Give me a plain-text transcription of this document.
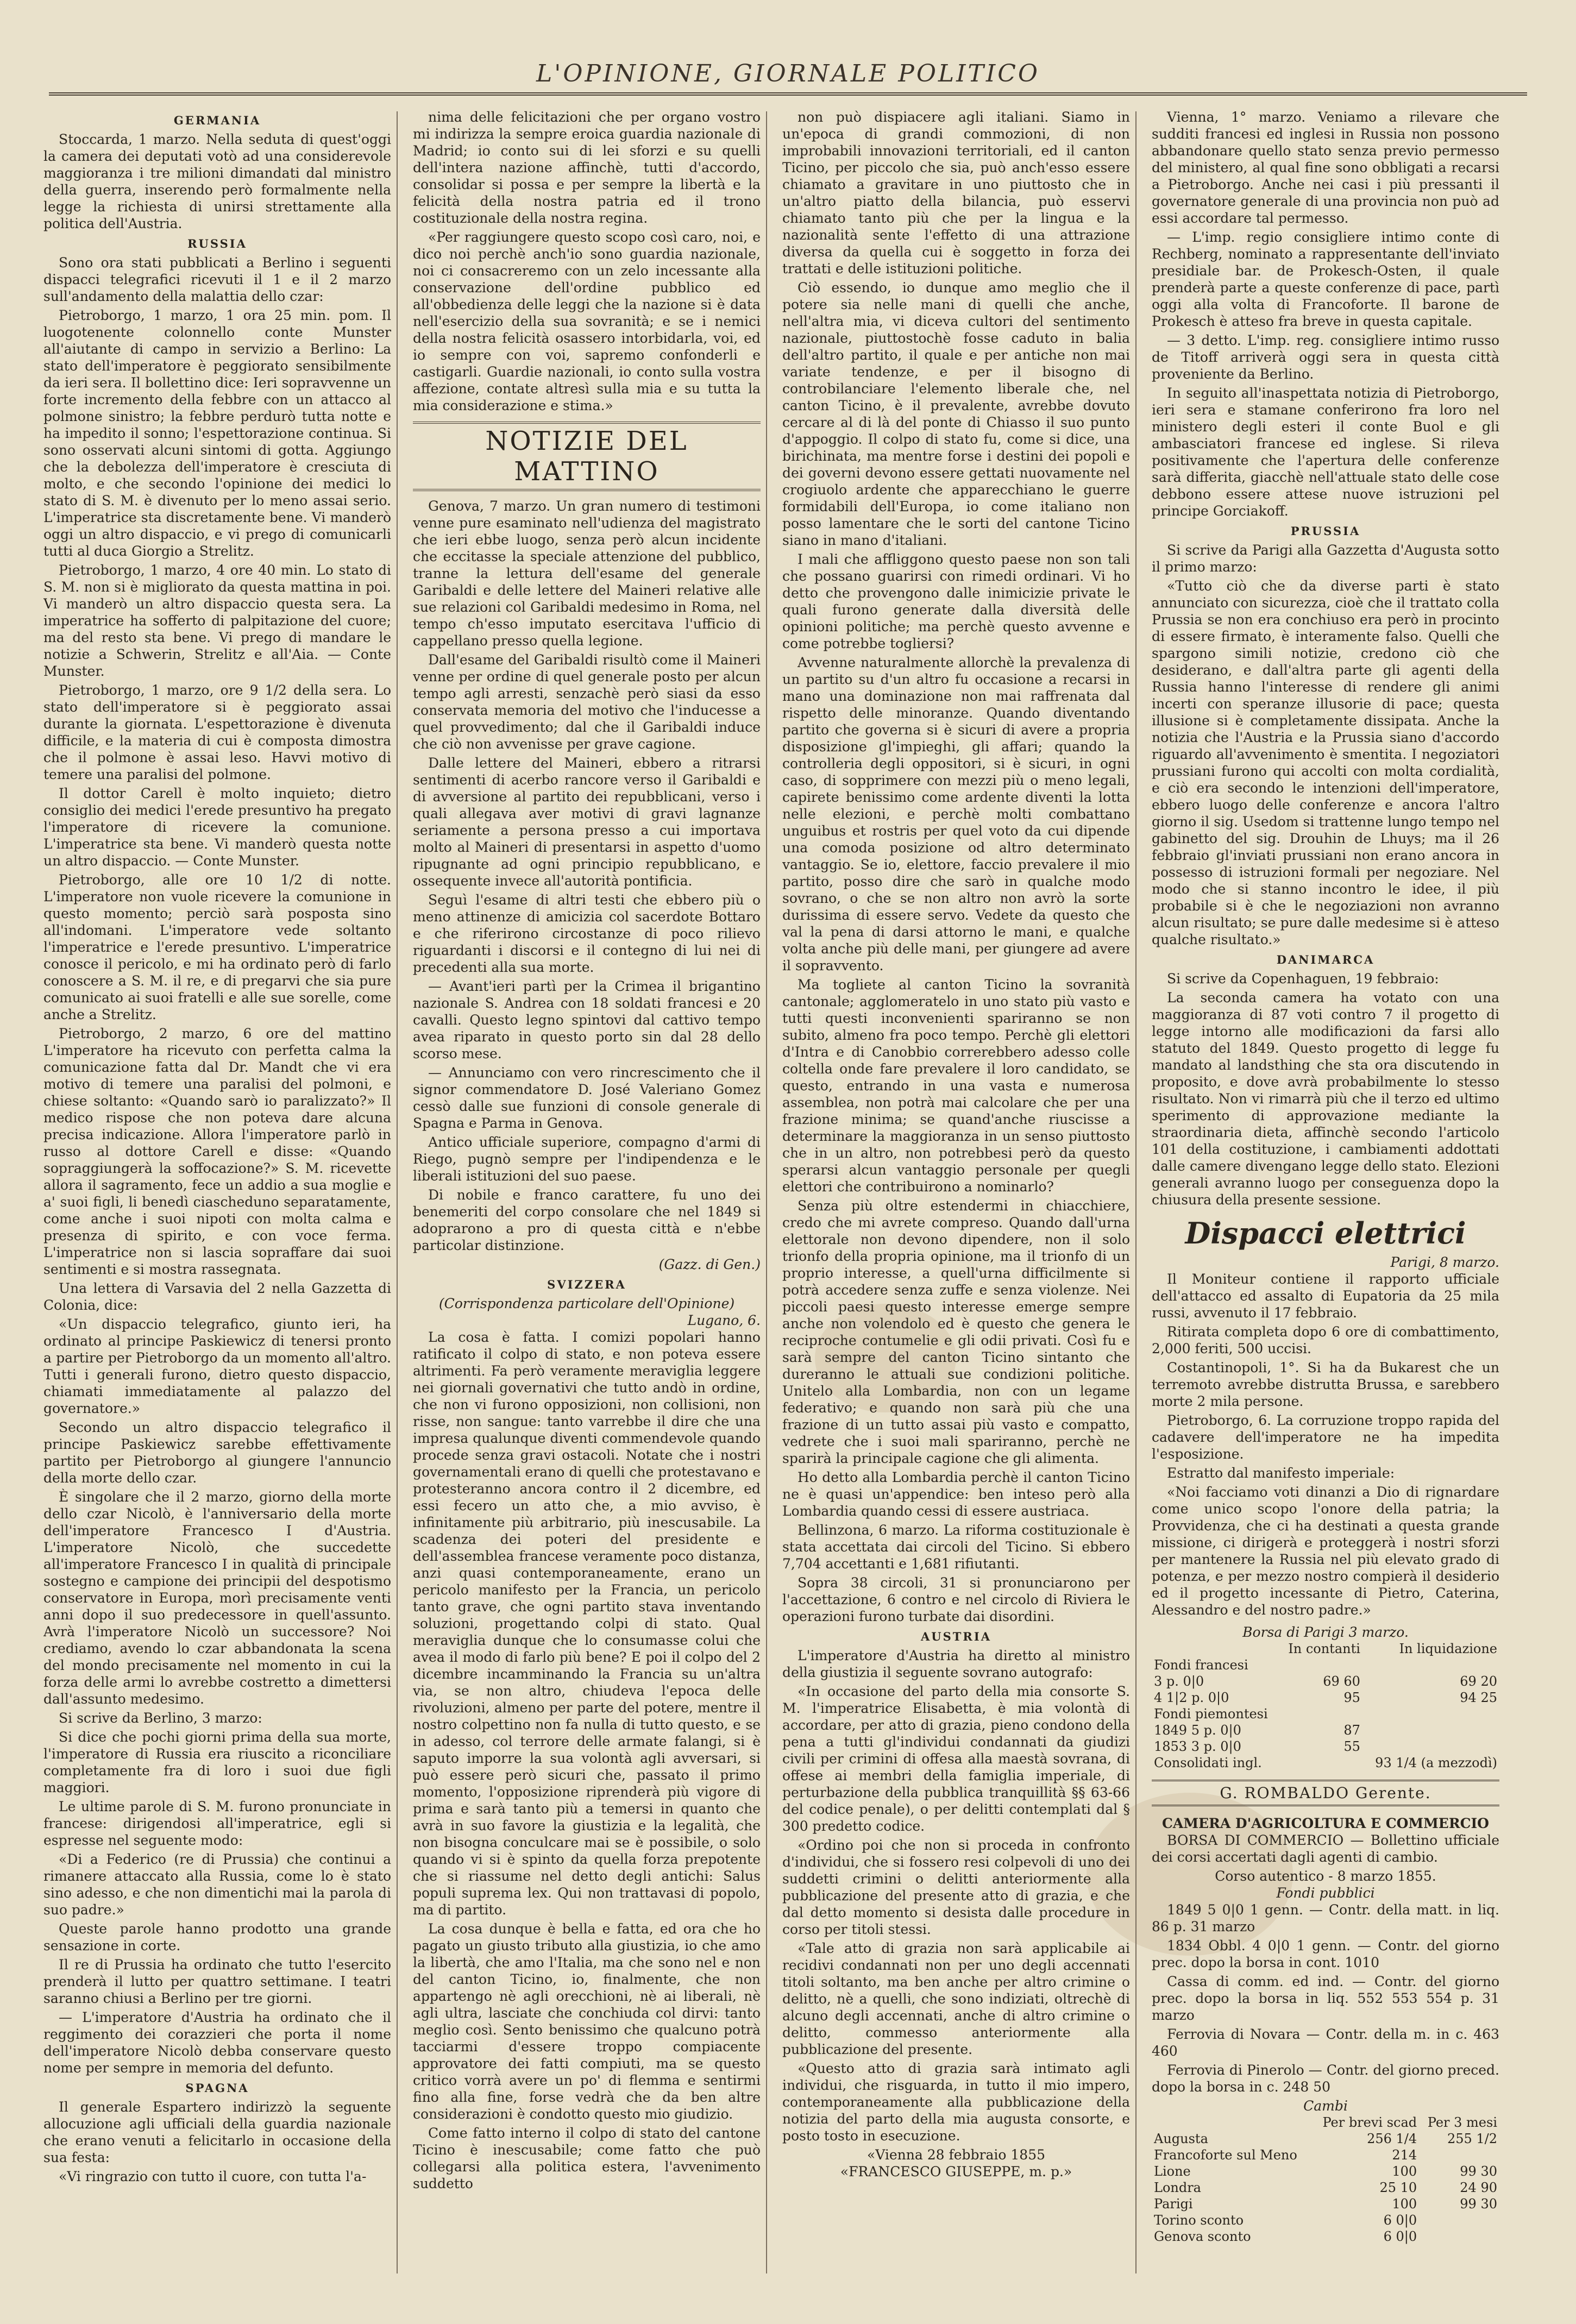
L'OPINIONE, GIORNALE POLITICO
GERMANIA

Stoccarda, 1 marzo. Nella seduta di quest'oggi la camera dei deputati votò ad una considerevole maggioranza i tre milioni dimandati dal ministro della guerra, inserendo però formalmente nella legge la richiesta di unirsi strettamente alla politica dell'Austria.

RUSSIA

Sono ora stati pubblicati a Berlino i seguenti dispacci telegrafici ricevuti il 1 e il 2 marzo sull'andamento della malattia dello czar:

Pietroborgo, 1 marzo, 1 ora 25 min. pom. Il luogotenente colonnello conte Munster all'aiutante di campo in servizio a Berlino: La stato dell'imperatore è peggiorato sensibilmente da ieri sera. Il bollettino dice: Ieri sopravvenne un forte incremento della febbre con un attacco al polmone sinistro; la febbre perdurò tutta notte e ha impedito il sonno; l'espettorazione continua. Si sono osservati alcuni sintomi di gotta. Aggiungo che la debolezza dell'imperatore è cresciuta di molto, e che secondo l'opinione dei medici lo stato di S. M. è divenuto per lo meno assai serio. L'imperatrice sta discretamente bene. Vi manderò oggi un altro dispaccio, e vi prego di comunicarli tutti al duca Giorgio a Strelitz.

Pietroborgo, 1 marzo, 4 ore 40 min. Lo stato di S. M. non si è migliorato da questa mattina in poi. Vi manderò un altro dispaccio questa sera. La imperatrice ha sofferto di palpitazione del cuore; ma del resto sta bene. Vi prego di mandare le notizie a Schwerin, Strelitz e all'Aia. — Conte Munster.

Pietroborgo, 1 marzo, ore 9 1/2 della sera. Lo stato dell'imperatore si è peggiorato assai durante la giornata. L'espettorazione è divenuta difficile, e la materia di cui è composta dimostra che il polmone è assai leso. Havvi motivo di temere una paralisi del polmone.

Il dottor Carell è molto inquieto; dietro consiglio dei medici l'erede presuntivo ha pregato l'imperatore di ricevere la comunione. L'imperatrice sta bene. Vi manderò questa notte un altro dispaccio. — Conte Munster.

Pietroborgo, alle ore 10 1/2 di notte. L'imperatore non vuole ricevere la comunione in questo momento; perciò sarà posposta sino all'indomani. L'imperatore vede soltanto l'imperatrice e l'erede presuntivo. L'imperatrice conosce il pericolo, e mi ha ordinato però di farlo conoscere a S. M. il re, e di pregarvi che sia pure comunicato ai suoi fratelli e alle sue sorelle, come anche a Strelitz.

Pietroborgo, 2 marzo, 6 ore del mattino L'imperatore ha ricevuto con perfetta calma la comunicazione fatta dal Dr. Mandt che vi era motivo di temere una paralisi del polmoni, e chiese soltanto: «Quando sarò io paralizzato?» Il medico rispose che non poteva dare alcuna precisa indicazione. Allora l'imperatore parlò in russo al dottore Carell e disse: «Quando sopraggiungerà la soffocazione?» S. M. ricevette allora il sagramento, fece un addio a sua moglie e a' suoi figli, li benedì ciascheduno separatamente, come anche i suoi nipoti con molta calma e presenza di spirito, e con voce ferma. L'imperatrice non si lascia sopraffare dai suoi sentimenti e si mostra rassegnata.

Una lettera di Varsavia del 2 nella Gazzetta di Colonia, dice:

«Un dispaccio telegrafico, giunto ieri, ha ordinato al principe Paskiewicz di tenersi pronto a partire per Pietroborgo da un momento all'altro. Tutti i generali furono, dietro questo dispaccio, chiamati immediatamente al palazzo del governatore.»

Secondo un altro dispaccio telegrafico il principe Paskiewicz sarebbe effettivamente partito per Pietroborgo al giungere l'annuncio della morte dello czar.

È singolare che il 2 marzo, giorno della morte dello czar Nicolò, è l'anniversario della morte dell'imperatore Francesco I d'Austria. L'imperatore Nicolò, che succedette all'imperatore Francesco I in qualità di principale sostegno e campione dei principii del despotismo conservatore in Europa, morì precisamente venti anni dopo il suo predecessore in quell'assunto. Avrà l'imperatore Nicolò un successore? Noi crediamo, avendo lo czar abbandonata la scena del mondo precisamente nel momento in cui la forza delle armi lo avrebbe costretto a dimettersi dall'assunto medesimo.

Si scrive da Berlino, 3 marzo:

Si dice che pochi giorni prima della sua morte, l'imperatore di Russia era riuscito a riconciliare completamente fra di loro i suoi due figli maggiori.

Le ultime parole di S. M. furono pronunciate in francese: dirigendosi all'imperatrice, egli si espresse nel seguente modo:

«Di a Federico (re di Prussia) che continui a rimanere attaccato alla Russia, come lo è stato sino adesso, e che non dimentichi mai la parola di suo padre.»

Queste parole hanno prodotto una grande sensazione in corte.

Il re di Prussia ha ordinato che tutto l'esercito prenderà il lutto per quattro settimane. I teatri saranno chiusi a Berlino per tre giorni.

— L'imperatore d'Austria ha ordinato che il reggimento dei corazzieri che porta il nome dell'imperatore Nicolò debba conservare questo nome per sempre in memoria del defunto.

SPAGNA

Il generale Espartero indirizzò la seguente allocuzione agli ufficiali della guardia nazionale che erano venuti a felicitarlo in occasione della sua festa:

«Vi ringrazio con tutto il cuore, con tutta l'a-

nima delle felicitazioni che per organo vostro mi indirizza la sempre eroica guardia nazionale di Madrid; io conto sui di lei sforzi e su quelli dell'intera nazione affinchè, tutti d'accordo, consolidar si possa e per sempre la libertà e la felicità della nostra patria ed il trono costituzionale della nostra regina.

«Per raggiungere questo scopo così caro, noi, e dico noi perchè anch'io sono guardia nazionale, noi ci consacreremo con un zelo incessante alla conservazione dell'ordine pubblico ed all'obbedienza delle leggi che la nazione si è data nell'esercizio della sua sovranità; e se i nemici della nostra felicità osassero intorbidarla, voi, ed io sempre con voi, sapremo confonderli e castigarli. Guardie nazionali, io conto sulla vostra affezione, contate altresì sulla mia e su tutta la mia considerazione e stima.»

NOTIZIE DEL MATTINO

Genova, 7 marzo. Un gran numero di testimoni venne pure esaminato nell'udienza del magistrato che ieri ebbe luogo, senza però alcun incidente che eccitasse la speciale attenzione del pubblico, tranne la lettura dell'esame del generale Garibaldi e delle lettere del Maineri relative alle sue relazioni col Garibaldi medesimo in Roma, nel tempo ch'esso imputato esercitava l'ufficio di cappellano presso quella legione.

Dall'esame del Garibaldi risultò come il Maineri venne per ordine di quel generale posto per alcun tempo agli arresti, senzachè però siasi da esso conservata memoria del motivo che l'inducesse a quel provvedimento; dal che il Garibaldi induce che ciò non avvenisse per grave cagione.

Dalle lettere del Maineri, ebbero a ritrarsi sentimenti di acerbo rancore verso il Garibaldi e di avversione al partito dei repubblicani, verso i quali allegava aver motivi di gravi lagnanze seriamente a persona presso a cui importava molto al Maineri di presentarsi in aspetto d'uomo ripugnante ad ogni principio repubblicano, e ossequente invece all'autorità pontificia.

Seguì l'esame di altri testi che ebbero più o meno attinenze di amicizia col sacerdote Bottaro e che riferirono circostanze di poco rilievo riguardanti i discorsi e il contegno di lui nei di precedenti alla sua morte.

— Avant'ieri partì per la Crimea il brigantino nazionale S. Andrea con 18 soldati francesi e 20 cavalli. Questo legno spintovi dal cattivo tempo avea riparato in questo porto sin dal 28 dello scorso mese.

— Annunciamo con vero rincrescimento che il signor commendatore D. José Valeriano Gomez cessò dalle sue funzioni di console generale di Spagna e Parma in Genova.

Antico ufficiale superiore, compagno d'armi di Riego, pugnò sempre per l'indipendenza e le liberali istituzioni del suo paese.

Di nobile e franco carattere, fu uno dei benemeriti del corpo consolare che nel 1849 si adoprarono a pro di questa città e n'ebbe particolar distinzione.

(Gazz. di Gen.)
SVIZZERA
(Corrispondenza particolare dell'Opinione)
Lugano, 6.

La cosa è fatta. I comizi popolari hanno ratificato il colpo di stato, e non poteva essere altrimenti. Fa però veramente meraviglia leggere nei giornali governativi che tutto andò in ordine, che non vi furono opposizioni, non collisioni, non risse, non sangue: tanto varrebbe il dire che una impresa qualunque diventi commendevole quando procede senza gravi ostacoli. Notate che i nostri governamentali erano di quelli che protestavano e protesteranno ancora contro il 2 dicembre, ed essi fecero un atto che, a mio avviso, è infinitamente più arbitrario, più inescusabile. La scadenza dei poteri del presidente e dell'assemblea francese veramente poco distanza, anzi quasi contemporaneamente, erano un pericolo manifesto per la Francia, un pericolo tanto grave, che ogni partito stava inventando soluzioni, progettando colpi di stato. Qual meraviglia dunque che lo consumasse colui che avea il modo di farlo più bene? E poi il colpo del 2 dicembre incamminando la Francia su un'altra via, se non altro, chiudeva l'epoca delle rivoluzioni, almeno per parte del potere, mentre il nostro colpettino non fa nulla di tutto questo, e se in adesso, col terrore delle armate falangi, si è saputo imporre la sua volontà agli avversari, si può essere però sicuri che, passato il primo momento, l'opposizione riprenderà più vigore di prima e sarà tanto più a temersi in quanto che avrà in suo favore la giustizia e la legalità, che non bisogna conculcare mai se è possibile, o solo quando vi si è spinto da quella forza prepotente che si riassume nel detto degli antichi: Salus populi suprema lex. Qui non trattavasi di popolo, ma di partito.

La cosa dunque è bella e fatta, ed ora che ho pagato un giusto tributo alla giustizia, io che amo la libertà, che amo l'Italia, ma che sono nel e non del canton Ticino, io, finalmente, che non appartengo nè agli orecchioni, nè ai liberali, nè agli ultra, lasciate che conchiuda col dirvi: tanto meglio così. Sento benissimo che qualcuno potrà tacciarmi d'essere troppo compiacente approvatore dei fatti compiuti, ma se questo critico vorrà avere un po' di flemma e sentirmi fino alla fine, forse vedrà che da ben altre considerazioni è condotto questo mio giudizio.

Come fatto interno il colpo di stato del cantone Ticino è inescusabile; come fatto che può collegarsi alla politica estera, l'avvenimento suddetto

non può dispiacere agli italiani. Siamo in un'epoca di grandi commozioni, di non improbabili innovazioni territoriali, ed il canton Ticino, per piccolo che sia, può anch'esso essere chiamato a gravitare in uno piuttosto che in un'altro piatto della bilancia, può esservi chiamato tanto più che per la lingua e la nazionalità sente l'effetto di una attrazione diversa da quella cui è soggetto in forza dei trattati e delle istituzioni politiche.

Ciò essendo, io dunque amo meglio che il potere sia nelle mani di quelli che anche, nell'altra mia, vi diceva cultori del sentimento nazionale, piuttostochè fosse caduto in balia dell'altro partito, il quale e per antiche non mai variate tendenze, e per il bisogno di controbilanciare l'elemento liberale che, nel canton Ticino, è il prevalente, avrebbe dovuto cercare al di là del ponte di Chiasso il suo punto d'appoggio. Il colpo di stato fu, come si dice, una birichinata, ma mentre forse i destini dei popoli e dei governi devono essere gettati nuovamente nel crogiuolo ardente che apparecchiano le guerre formidabili dell'Europa, io come italiano non posso lamentare che le sorti del cantone Ticino siano in mano d'italiani.

I mali che affliggono questo paese non son tali che possano guarirsi con rimedi ordinari. Vi ho detto che provengono dalle inimicizie private le quali furono generate dalla diversità delle opinioni politiche; ma perchè questo avvenne e come potrebbe togliersi?

Avvenne naturalmente allorchè la prevalenza di un partito su d'un altro fu occasione a recarsi in mano una dominazione non mai raffrenata dal rispetto delle minoranze. Quando diventando partito che governa si è sicuri di avere a propria disposizione gl'impieghi, gli affari; quando la controlleria degli oppositori, si è sicuri, in ogni caso, di sopprimere con mezzi più o meno legali, capirete benissimo come ardente diventi la lotta nelle elezioni, e perchè molti combattano unguibus et rostris per quel voto da cui dipende una comoda posizione od altro determinato vantaggio. Se io, elettore, faccio prevalere il mio partito, posso dire che sarò in qualche modo sovrano, o che se non altro non avrò la sorte durissima di essere servo. Vedete da questo che val la pena di darsi attorno le mani, e qualche volta anche più delle mani, per giungere ad avere il sopravvento.

Ma togliete al canton Ticino la sovranità cantonale; agglomeratelo in uno stato più vasto e tutti questi inconvenienti spariranno se non subito, almeno fra poco tempo. Perchè gli elettori d'Intra e di Canobbio correrebbero adesso colle coltella onde fare prevalere il loro candidato, se questo, entrando in una vasta e numerosa assemblea, non potrà mai calcolare che per una frazione minima; se quand'anche riuscisse a determinare la maggioranza in un senso piuttosto che in un altro, non potrebbesi però da questo sperarsi alcun vantaggio personale per quegli elettori che contribuirono a nominarlo?

Senza più oltre estendermi in chiacchiere, credo che mi avrete compreso. Quando dall'urna elettorale non devono dipendere, non il solo trionfo della propria opinione, ma il trionfo di un proprio interesse, a quell'urna difficilmente si potrà accedere senza zuffe e senza violenze. Nei piccoli paesi questo interesse emerge sempre anche non volendolo ed è questo che genera le reciproche contumelie e gli odii privati. Così fu e sarà sempre del canton Ticino sintanto che dureranno le attuali sue condizioni politiche. Unitelo alla Lombardia, non con un legame federativo; e quando non sarà più che una frazione di un tutto assai più vasto e compatto, vedrete che i suoi mali spariranno, perchè ne sparirà la principale cagione che gli alimenta.

Ho detto alla Lombardia perchè il canton Ticino ne è quasi un'appendice: ben inteso però alla Lombardia quando cessi di essere austriaca.

Bellinzona, 6 marzo. La riforma costituzionale è stata accettata dai circoli del Ticino. Si ebbero 7,704 accettanti e 1,681 rifiutanti.

Sopra 38 circoli, 31 si pronunciarono per l'accettazione, 6 contro e nel circolo di Riviera le operazioni furono turbate dai disordini.

AUSTRIA

L'imperatore d'Austria ha diretto al ministro della giustizia il seguente sovrano autografo:

«In occasione del parto della mia consorte S. M. l'imperatrice Elisabetta, è mia volontà di accordare, per atto di grazia, pieno condono della pena a tutti gl'individui condannati da giudizi civili per crimini di offesa alla maestà sovrana, di offese ai membri della famiglia imperiale, di perturbazione della pubblica tranquillità §§ 63-66 del codice penale), o per delitti contemplati dal § 300 predetto codice.

«Ordino poi che non si proceda in confronto d'individui, che si fossero resi colpevoli di uno dei suddetti crimini o delitti anteriormente alla pubblicazione del presente atto di grazia, e che dal detto momento si desista dalle procedure in corso per titoli stessi.

«Tale atto di grazia non sarà applicabile ai recidivi condannati non per uno degli accennati titoli soltanto, ma ben anche per altro crimine o delitto, nè a quelli, che sono indiziati, oltrechè di alcuno degli accennati, anche di altro crimine o delitto, commesso anteriormente alla pubblicazione del presente.

«Questo atto di grazia sarà intimato agli individui, che risguarda, in tutto il mio impero, contemporaneamente alla pubblicazione della notizia del parto della mia augusta consorte, e posto tosto in esecuzione.

«Vienna 28 febbraio 1855
«FRANCESCO GIUSEPPE, m. p.»

Vienna, 1° marzo. Veniamo a rilevare che sudditi francesi ed inglesi in Russia non possono abbandonare quello stato senza previo permesso del ministero, al qual fine sono obbligati a recarsi a Pietroborgo. Anche nei casi i più pressanti il governatore generale di una provincia non può ad essi accordare tal permesso.

— L'imp. regio consigliere intimo conte di Rechberg, nominato a rappresentante dell'inviato presidiale bar. de Prokesch-Osten, il quale prenderà parte a queste conferenze di pace, partì oggi alla volta di Francoforte. Il barone de Prokesch è atteso fra breve in questa capitale.

— 3 detto. L'imp. reg. consigliere intimo russo de Titoff arriverà oggi sera in questa città proveniente da Berlino.

In seguito all'inaspettata notizia di Pietroborgo, ieri sera e stamane conferirono fra loro nel ministero degli esteri il conte Buol e gli ambasciatori francese ed inglese. Si rileva positivamente che l'apertura delle conferenze sarà differita, giacchè nell'attuale stato delle cose debbono essere attese nuove istruzioni pel principe Gorciakoff.

PRUSSIA

Si scrive da Parigi alla Gazzetta d'Augusta sotto il primo marzo:

«Tutto ciò che da diverse parti è stato annunciato con sicurezza, cioè che il trattato colla Prussia se non era conchiuso era però in procinto di essere firmato, è interamente falso. Quelli che spargono simili notizie, credono ciò che desiderano, e dall'altra parte gli agenti della Russia hanno l'interesse di rendere gli animi incerti con speranze illusorie di pace; questa illusione si è completamente dissipata. Anche la notizia che l'Austria e la Prussia siano d'accordo riguardo all'avvenimento è smentita. I negoziatori prussiani furono qui accolti con molta cordialità, e ciò era secondo le intenzioni dell'imperatore, ebbero luogo delle conferenze e ancora l'altro giorno il sig. Usedom si trattenne lungo tempo nel gabinetto del sig. Drouhin de Lhuys; ma il 26 febbraio gl'inviati prussiani non erano ancora in possesso di istruzioni formali per negoziare. Nel modo che si stanno incontro le idee, il più probabile si è che le negoziazioni non avranno alcun risultato; se pure dalle medesime si è atteso qualche risultato.»

DANIMARCA

Si scrive da Copenhaguen, 19 febbraio:

La seconda camera ha votato con una maggioranza di 87 voti contro 7 il progetto di legge intorno alle modificazioni da farsi allo statuto del 1849. Questo progetto di legge fu mandato al landsthing che sta ora discutendo in proposito, e dove avrà probabilmente lo stesso risultato. Non vi rimarrà più che il terzo ed ultimo sperimento di approvazione mediante la straordinaria dieta, affinchè secondo l'articolo 101 della costituzione, i cambiamenti addottati dalle camere divengano legge dello stato. Elezioni generali avranno luogo per conseguenza dopo la chiusura della presente sessione.

Dispacci elettrici
Parigi, 8 marzo.

Il Moniteur contiene il rapporto ufficiale dell'attacco ed assalto di Eupatoria da 25 mila russi, avvenuto il 17 febbraio.

Ritirata completa dopo 6 ore di combattimento, 2,000 feriti, 500 uccisi.

Costantinopoli, 1°. Si ha da Bukarest che un terremoto avrebbe distrutta Brussa, e sarebbero morte 2 mila persone.

Pietroborgo, 6. La corruzione troppo rapida del cadavere dell'imperatore ne ha impedita l'esposizione.

Estratto dal manifesto imperiale:

«Noi facciamo voti dinanzi a Dio di rignardare come unico scopo l'onore della patria; la Provvidenza, che ci ha destinati a questa grande missione, ci dirigerà e proteggerà i nostri sforzi per mantenere la Russia nel più elevato grado di potenza, e per mezzo nostro compierà il desiderio ed il progetto incessante di Pietro, Caterina, Alessandro e del nostro padre.»

Borsa di Parigi 3 marzo.
	In contanti	In liquidazione
Fondi francesi		
3 p. 0|0	69 60	69 20
4 1|2 p. 0|0	95	94 25
Fondi piemontesi		
1849 5 p. 0|0	87	
1853 3 p. 0|0	55	
Consolidati ingl.		93 1/4 (a mezzodì)
G. ROMBALDO Gerente.
CAMERA D'AGRICOLTURA E COMMERCIO

BORSA DI COMMERCIO — Bollettino ufficiale dei corsi accertati dagli agenti di cambio.

Corso autentico - 8 marzo 1855.
Fondi pubblici

1849 5 0|0 1 genn. — Contr. della matt. in liq. 86 p. 31 marzo

1834 Obbl. 4 0|0 1 genn. — Contr. del giorno prec. dopo la borsa in cont. 1010

Cassa di comm. ed ind. — Contr. del giorno prec. dopo la borsa in liq. 552 553 554 p. 31 marzo

Ferrovia di Novara — Contr. della m. in c. 463 460

Ferrovia di Pinerolo — Contr. del giorno preced. dopo la borsa in c. 248 50

Cambi
	Per brevi scad	Per 3 mesi
Augusta	256 1/4	255 1/2
Francoforte sul Meno	214	
Lione	100	99 30
Londra	25 10	24 90
Parigi	100	99 30
Torino sconto	6 0|0	
Genova sconto	6 0|0	
